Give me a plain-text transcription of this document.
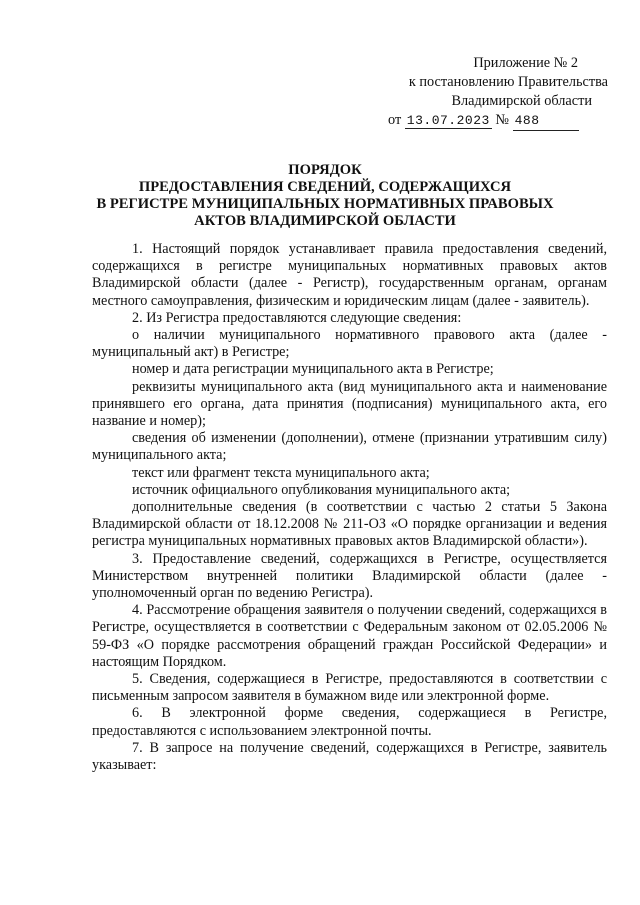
Приложение № 2
к постановлению Правительства
Владимирской области
от 13.07.2023 № 488
ПОРЯДОК
ПРЕДОСТАВЛЕНИЯ СВЕДЕНИЙ, СОДЕРЖАЩИХСЯ
В РЕГИСТРЕ МУНИЦИПАЛЬНЫХ НОРМАТИВНЫХ ПРАВОВЫХ
АКТОВ ВЛАДИМИРСКОЙ ОБЛАСТИ

1. Настоящий порядок устанавливает правила предоставления сведений, содержащихся в регистре муниципальных нормативных правовых актов Владимирской области (далее - Регистр), государственным органам, органам местного самоуправления, физическим и юридическим лицам (далее - заявитель).

2. Из Регистра предоставляются следующие сведения:

о наличии муниципального нормативного правового акта (далее - муниципальный акт) в Регистре;

номер и дата регистрации муниципального акта в Регистре;

реквизиты муниципального акта (вид муниципального акта и наименование принявшего его органа, дата принятия (подписания) муниципального акта, его название и номер);

сведения об изменении (дополнении), отмене (признании утратившим силу) муниципального акта;

текст или фрагмент текста муниципального акта;

источник официального опубликования муниципального акта;

дополнительные сведения (в соответствии с частью 2 статьи 5 Закона Владимирской области от 18.12.2008 № 211-ОЗ «О порядке организации и ведения регистра муниципальных нормативных правовых актов Владимирской области»).

3. Предоставление сведений, содержащихся в Регистре, осуществляется Министерством внутренней политики Владимирской области (далее - уполномоченный орган по ведению Регистра).

4. Рассмотрение обращения заявителя о получении сведений, содержащихся в Регистре, осуществляется в соответствии с Федеральным законом от 02.05.2006 № 59-ФЗ «О порядке рассмотрения обращений граждан Российской Федерации» и настоящим Порядком.

5. Сведения, содержащиеся в Регистре, предоставляются в соответствии с письменным запросом заявителя в бумажном виде или электронной форме.

6. В электронной форме сведения, содержащиеся в Регистре, предоставляются с использованием электронной почты.

7. В запросе на получение сведений, содержащихся в Регистре, заявитель указывает:
